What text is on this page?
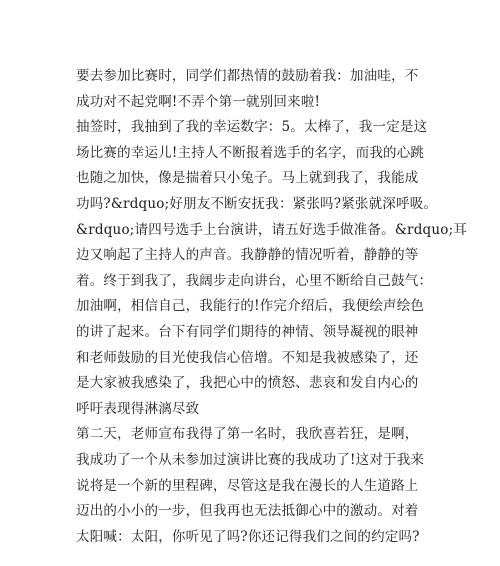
要去参加比赛时，同学们都热情的鼓励着我：加油哇，不
成功对不起党啊!不弄个第一就别回来啦!
抽签时，我抽到了我的幸运数字：5。太棒了，我一定是这
场比赛的幸运儿!主持人不断报着选手的名字，而我的心跳
也随之加快，像是揣着只小兔子。马上就到我了，我能成
功吗?&rdquo;好朋友不断安抚我：紧张吗?紧张就深呼吸。
&rdquo;请四号选手上台演讲，请五好选手做准备。&rdquo;耳
边又响起了主持人的声音。我静静的情况听着，静静的等
着。终于到我了，我阔步走向讲台，心里不断给自己鼓气：
加油啊，相信自己，我能行的!作完介绍后，我便绘声绘色
的讲了起来。台下有同学们期待的神情、领导凝视的眼神
和老师鼓励的目光使我信心倍增。不知是我被感染了，还
是大家被我感染了，我把心中的愤怒、悲哀和发自内心的
呼吁表现得淋漓尽致
第二天，老师宣布我得了第一名时，我欣喜若狂，是啊，
我成功了一个从未参加过演讲比赛的我成功了!这对于我来
说将是一个新的里程碑，尽管这是我在漫长的人生道路上
迈出的小小的一步，但我再也无法抵御心中的激动。对着
太阳喊：太阳，你听见了吗?你还记得我们之间的约定吗?
